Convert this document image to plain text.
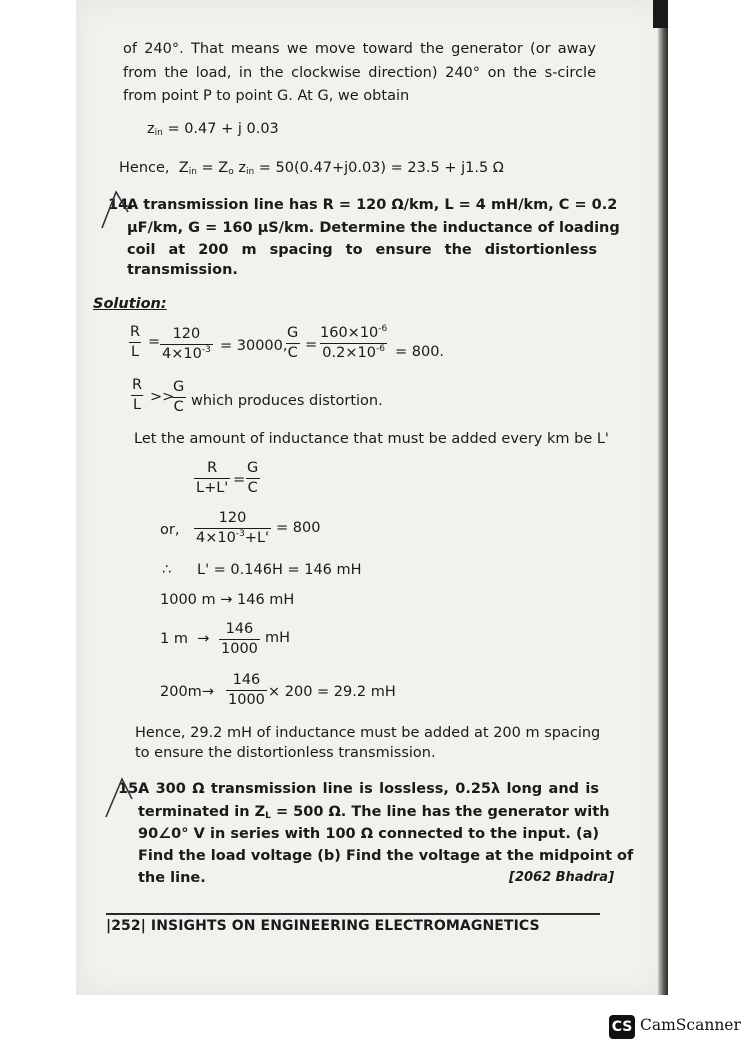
of 240°. That means we move toward the generator (or away
from the load, in the clockwise direction) 240° on the s-circle
from point P to point G. At G, we obtain
$z_{in} = 0.47 + j$ 0.03
Hence, $Z_{in} = Z_o$ $z_{in} = 50(0.47+j0.03) = 23.5 + j1.5$ Ω
14.
A transmission line has R = 120 Ω/km, L = 4 mH/km, C = 0.2
μF/km, G = 160 μS/km. Determine the inductance of loading
coil at 200 m spacing to ensure the distortionless
transmission.
Solution:
$\frac{R}{L} = \frac{120}{4\times 10^{-3}} = 30000$,
$\frac{G}{C} = \frac{160\times 10^{-6}}{0.2\times 10^{-6}} = 800$.
$\frac{R}{L}$ >>
$\frac{G}{C}$ which produces distortion.
Let the amount of inductance that must be added every km be L'
$\frac{R}{L+L'} = \frac{G}{C}$
or, $\frac{120}{4\times 10^{-3}+L'} = 800$
∴ L' = 0.146H = 146 mH
1000 m → 146 mH
1 $m \to \frac{146}{1000}$ mH
$200m\to \frac{146}{1000} \times 200 = 29.2$ mH
Hence, 29.2 mH of inductance must be added at 200 m spacing
to ensure the distortionless transmission.
15.
A 300 Ω transmission line is lossless, 0.25λ long and is
terminated in $Z_L = 500$ Ω. The line has the generator with
90∠0° V in series with 100 Ω connected to the input. (a)
Find the load voltage (b) Find the voltage at the midpoint of
the line.	[2062 Bhadra]
|252| INSIGHTS ON ENGINEERING ELECTROMAGNETICS
CS CamScanner
